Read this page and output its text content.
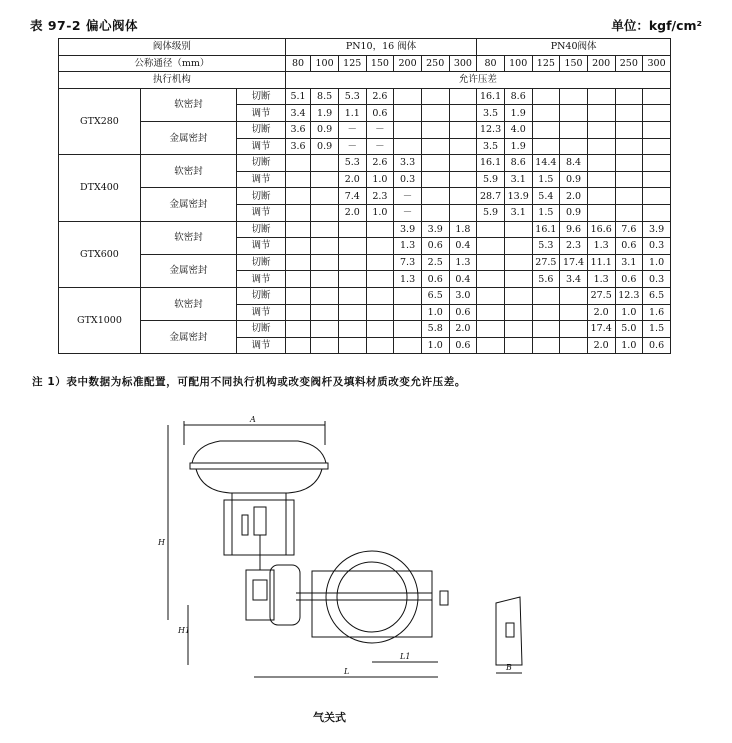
表 97-2 偏心阀体	单位：kgf/cm²
阀体级别			PN10，16 阀体							PN40阀体						
公称通径（mm）			80	100	125	150	200	250	300	80	100	125	150	200	250	300
执行机构			允许压差													
GTX280	软密封	切断	5.1	8.5	5.3	2.6				16.1	8.6					
		调节	3.4	1.9	1.1	0.6				3.5	1.9					
	金属密封	切断	3.6	0.9	－	－				12.3	4.0					
		调节	3.6	0.9	－	－				3.5	1.9					
DTX400	软密封	切断			5.3	2.6	3.3			16.1	8.6	14.4	8.4			
		调节			2.0	1.0	0.3			5.9	3.1	1.5	0.9			
	金属密封	切断			7.4	2.3	－			28.7	13.9	5.4	2.0			
		调节			2.0	1.0	－			5.9	3.1	1.5	0.9			
GTX600	软密封	切断					3.9	3.9	1.8			16.1	9.6	16.6	7.6	3.9
		调节					1.3	0.6	0.4			5.3	2.3	1.3	0.6	0.3
	金属密封	切断					7.3	2.5	1.3			27.5	17.4	11.1	3.1	1.0
		调节					1.3	0.6	0.4			5.6	3.4	1.3	0.6	0.3
GTX1000	软密封	切断						6.5	3.0					27.5	12.3	6.5
		调节						1.0	0.6					2.0	1.0	1.6
	金属密封	切断						5.8	2.0					17.4	5.0	1.5
		调节						1.0	0.6					2.0	1.0	0.6
注 1）表中数据为标准配置，可配用不同执行机构或改变阀杆及填料材质改变允许压差。
A
H
H1
L
L1
B
气关式
